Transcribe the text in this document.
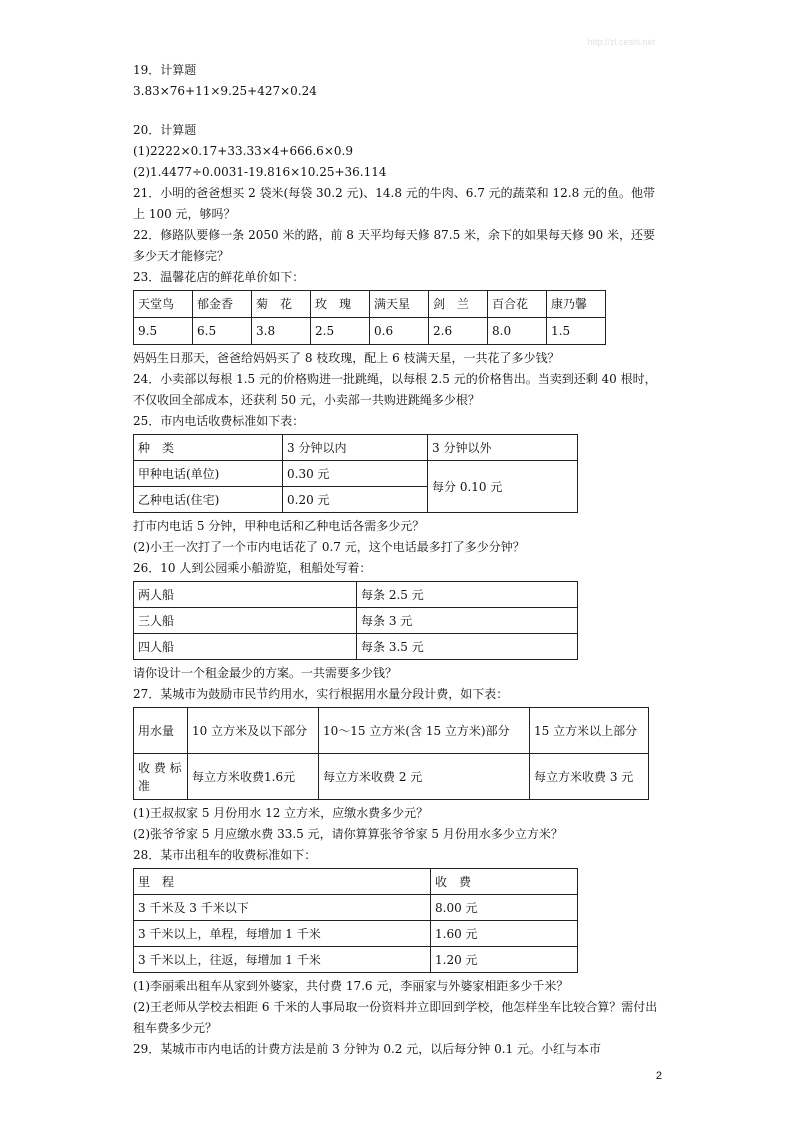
http://zl.ceshi.net
19．计算题
3.83×76+11×9.25+427×0.24
20．计算题
(1)2222×0.17+33.33×4+666.6×0.9
(2)1.4477÷0.0031-19.816×10.25+36.114
21．小明的爸爸想买 2 袋米(每袋 30.2 元)、14.8 元的牛肉、6.7 元的蔬菜和 12.8 元的鱼。他带上 100 元，够吗？
22．修路队要修一条 2050 米的路，前 8 天平均每天修 87.5 米，余下的如果每天修 90 米，还要多少天才能修完？
23．温馨花店的鲜花单价如下：
天堂鸟	郁金香	菊　花	玫　瑰	满天星	剑　兰	百合花	康乃馨
9.5	6.5	3.8	2.5	0.6	2.6	8.0	1.5
妈妈生日那天，爸爸给妈妈买了 8 枝玫瑰，配上 6 枝满天星，一共花了多少钱？
24．小卖部以每根 1.5 元的价格购进一批跳绳，以每根 2.5 元的价格售出。当卖到还剩 40 根时，不仅收回全部成本，还获利 50 元，小卖部一共购进跳绳多少根？
25．市内电话收费标准如下表：
种　类	3 分钟以内	3 分钟以外
甲种电话(单位)	0.30 元	每分 0.10 元
乙种电话(住宅)	0.20 元	
打市内电话 5 分钟，甲种电话和乙种电话各需多少元？
(2)小王一次打了一个市内电话花了 0.7 元，这个电话最多打了多少分钟？
26．10 人到公园乘小船游览，租船处写着：
两人船	每条 2.5 元
三人船	每条 3 元
四人船	每条 3.5 元
请你设计一个租金最少的方案。一共需要多少钱？
27．某城市为鼓励市民节约用水，实行根据用水量分段计费，如下表：
用水量	10 立方米及以下部分	10～15 立方米(含 15 立方米)部分	15 立方米以上部分
收 费 标准	每立方米收费1.6元	每立方米收费 2 元	每立方米收费 3 元
(1)王叔叔家 5 月份用水 12 立方米，应缴水费多少元？
(2)张爷爷家 5 月应缴水费 33.5 元，请你算算张爷爷家 5 月份用水多少立方米？
28．某市出租车的收费标准如下：
里　程	收　费
3 千米及 3 千米以下	8.00 元
3 千米以上，单程，每增加 1 千米	1.60 元
3 千米以上，往返，每增加 1 千米	1.20 元
(1)李丽乘出租车从家到外婆家，共付费 17.6 元，李丽家与外婆家相距多少千米？
(2)王老师从学校去相距 6 千米的人事局取一份资料并立即回到学校，他怎样坐车比较合算？需付出租车费多少元？
29．某城市市内电话的计费方法是前 3 分钟为 0.2 元，以后每分钟 0.1 元。小红与本市
2
